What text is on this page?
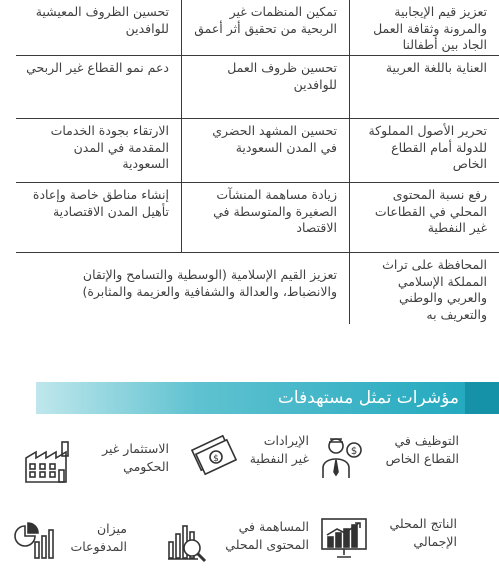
تعزيز قيم الإيجابية والمرونة وثقافة العمل الجاد بين أطفالنا
تمكين المنظمات غير الربحية من تحقيق أثر أعمق
تحسين الظروف المعيشية للوافدين
العناية باللغة العربية
تحسين ظروف العمل للوافدين
دعم نمو القطاع غير الربحي
تحرير الأصول المملوكة للدولة أمام القطاع الخاص
تحسين المشهد الحضري في المدن السعودية
الارتقاء بجودة الخدمات المقدمة في المدن السعودية
رفع نسبة المحتوى المحلي في القطاعات غير النفطية
زيادة مساهمة المنشآت الصغيرة والمتوسطة في الاقتصاد
إنشاء مناطق خاصة وإعادة تأهيل المدن الاقتصادية
المحافظة على تراث المملكة الإسلامي والعربي والوطني والتعريف به
تعزيز القيم الإسلامية (الوسطية والتسامح والإتقان والانضباط، والعدالة والشفافية والعزيمة والمثابرة)
مؤشرات تمثل مستهدفات
التوظيف في القطاع الخاص
$
الإيرادات غير النفطية
$
الاستثمار غير الحكومي
الناتج المحلي الإجمالي
المساهمة في المحتوى المحلي
ميزان المدفوعات
